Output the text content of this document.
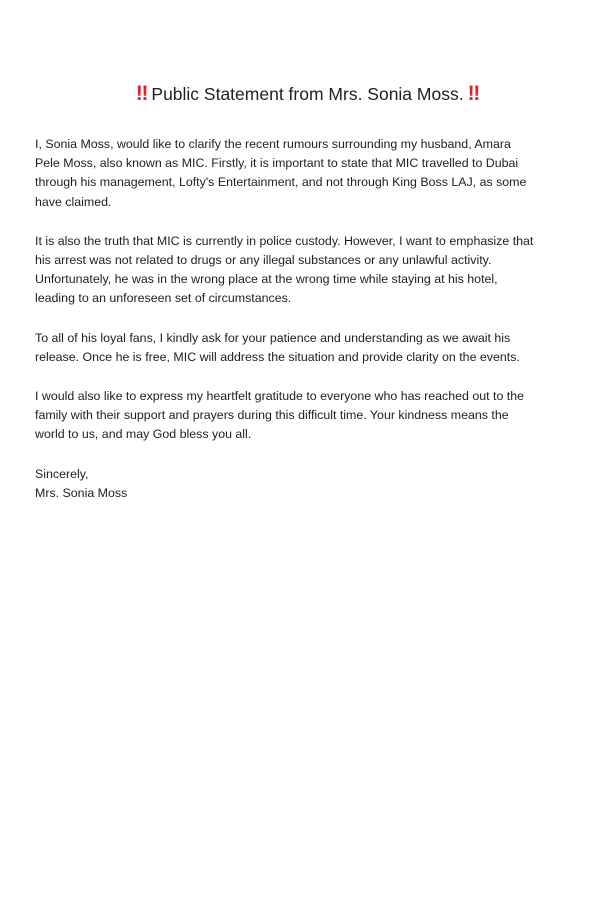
‼ Public Statement from Mrs. Sonia Moss. ‼

I, Sonia Moss, would like to clarify the recent rumours surrounding my husband, Amara
Pele Moss, also known as MIC. Firstly, it is important to state that MIC travelled to Dubai
through his management, Lofty's Entertainment, and not through King Boss LAJ, as some
have claimed.

It is also the truth that MIC is currently in police custody. However, I want to emphasize that
his arrest was not related to drugs or any illegal substances or any unlawful activity.
Unfortunately, he was in the wrong place at the wrong time while staying at his hotel,
leading to an unforeseen set of circumstances.

To all of his loyal fans, I kindly ask for your patience and understanding as we await his
release. Once he is free, MIC will address the situation and provide clarity on the events.

I would also like to express my heartfelt gratitude to everyone who has reached out to the
family with their support and prayers during this difficult time. Your kindness means the
world to us, and may God bless you all.

Sincerely,
Mrs. Sonia Moss
